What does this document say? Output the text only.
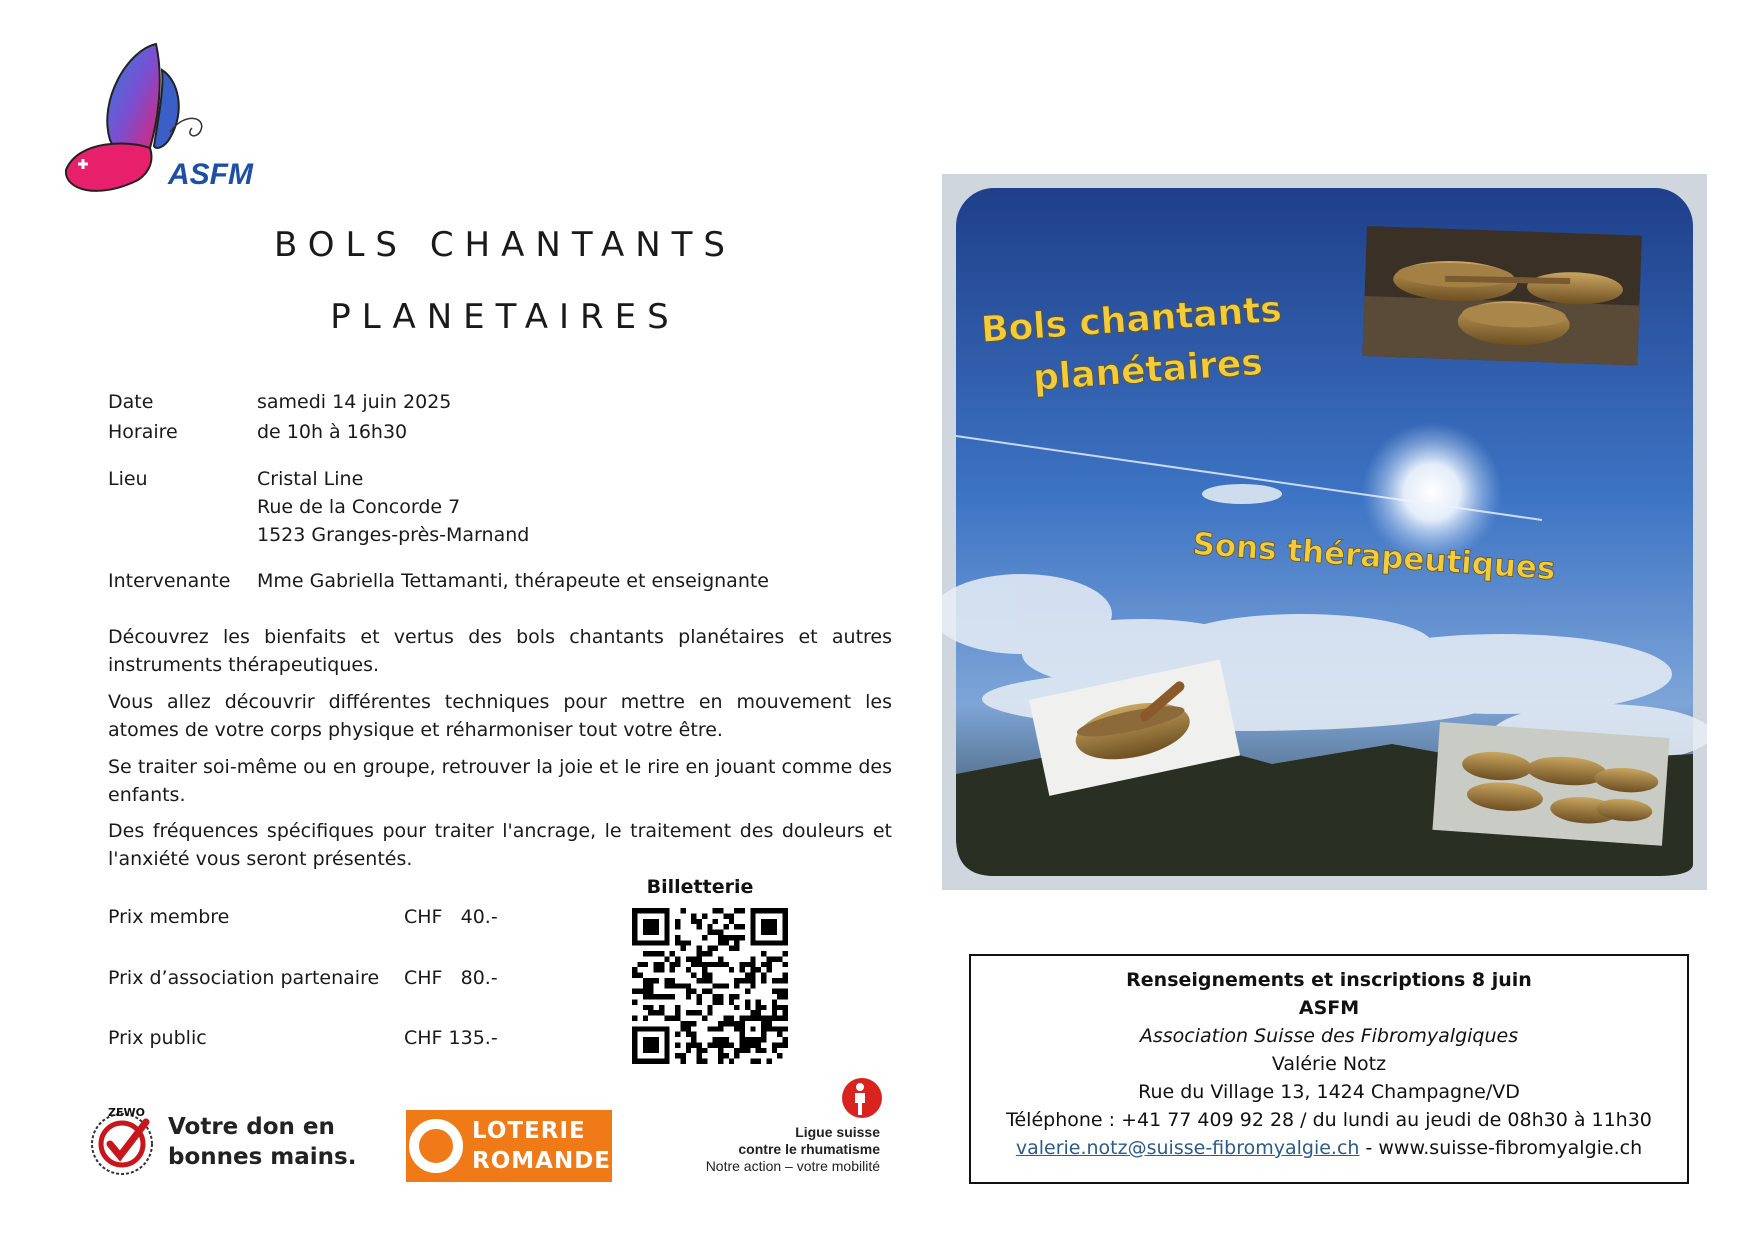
ASFM
BOLS CHANTANTS
PLANETAIRES
Date	samedi 14 juin 2025
Horaire	de 10h à 16h30
Lieu	Cristal Line
Rue de la Concorde 7
1523 Granges-près-Marnand
Intervenante Mme Gabriella Tettamanti, thérapeute et enseignante
Découvrez les bienfaits et vertus des bols chantants planétaires et autres instruments thérapeutiques.
Vous allez découvrir différentes techniques pour mettre en mouvement les atomes de votre corps physique et réharmoniser tout votre être.
Se traiter soi-même ou en groupe, retrouver la joie et le rire en jouant comme des enfants.
Des fréquences spécifiques pour traiter l'ancrage, le traitement des douleurs et l'anxiété vous seront présentés.
Prix membre	CHF   40.-
Prix d’association partenaire CHF   80.-
Prix public	CHF 135.-
Billetterie
Bols chantants
planétaires
Sons thérapeutiques
Renseignements et inscriptions 8 juin
ASFM
Association Suisse des Fibromyalgiques
Valérie Notz
Rue du Village 13, 1424 Champagne/VD
Téléphone : +41 77 409 92 28 / du lundi au jeudi de 08h30 à 11h30
valerie.notz@suisse-fibromyalgie.ch - www.suisse-fibromyalgie.ch
ZEWO
Votre don en
bonnes mains.
LOTERIE
ROMANDE
Ligue suisse
contre le rhumatisme
Notre action – votre mobilité
